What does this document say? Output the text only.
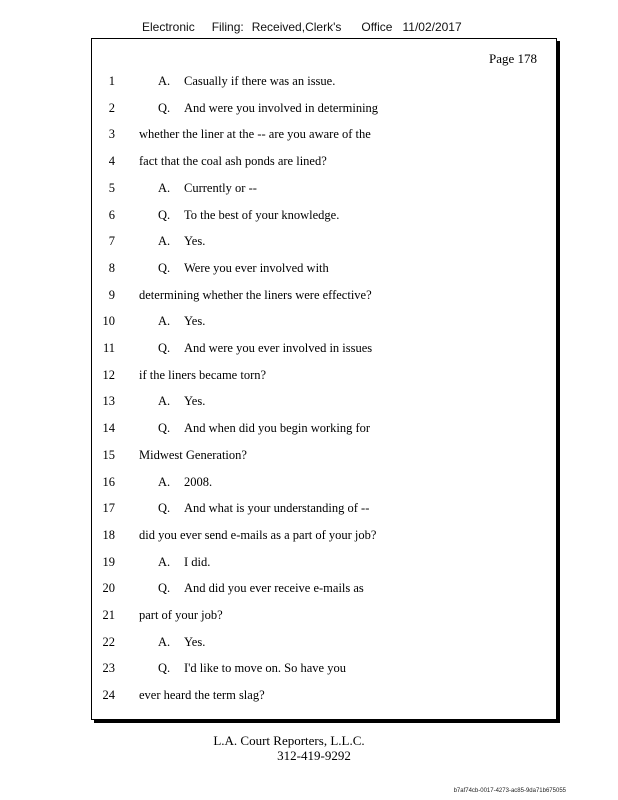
Electronic Filing: Received,Clerk's Office 11/02/2017
Page 178
1	A. Casually if there was an issue.
2	Q. And were you involved in determining
3 whether the liner at the -- are you aware of the
4 fact that the coal ash ponds are lined?
5	A. Currently or --
6	Q. To the best of your knowledge.
7	A. Yes.
8	Q. Were you ever involved with
9 determining whether the liners were effective?
10	A. Yes.
11	Q. And were you ever involved in issues
12 if the liners became torn?
13	A. Yes.
14	Q. And when did you begin working for
15 Midwest Generation?
16	A. 2008.
17	Q. And what is your understanding of --
18 did you ever send e-mails as a part of your job?
19	A. I did.
20	Q. And did you ever receive e-mails as
21 part of your job?
22	A. Yes.
23	Q. I'd like to move on. So have you
24 ever heard the term slag?
L.A. Court Reporters, L.L.C.
312-419-9292
b7af74cb-0017-4273-ac85-9da71b675055
